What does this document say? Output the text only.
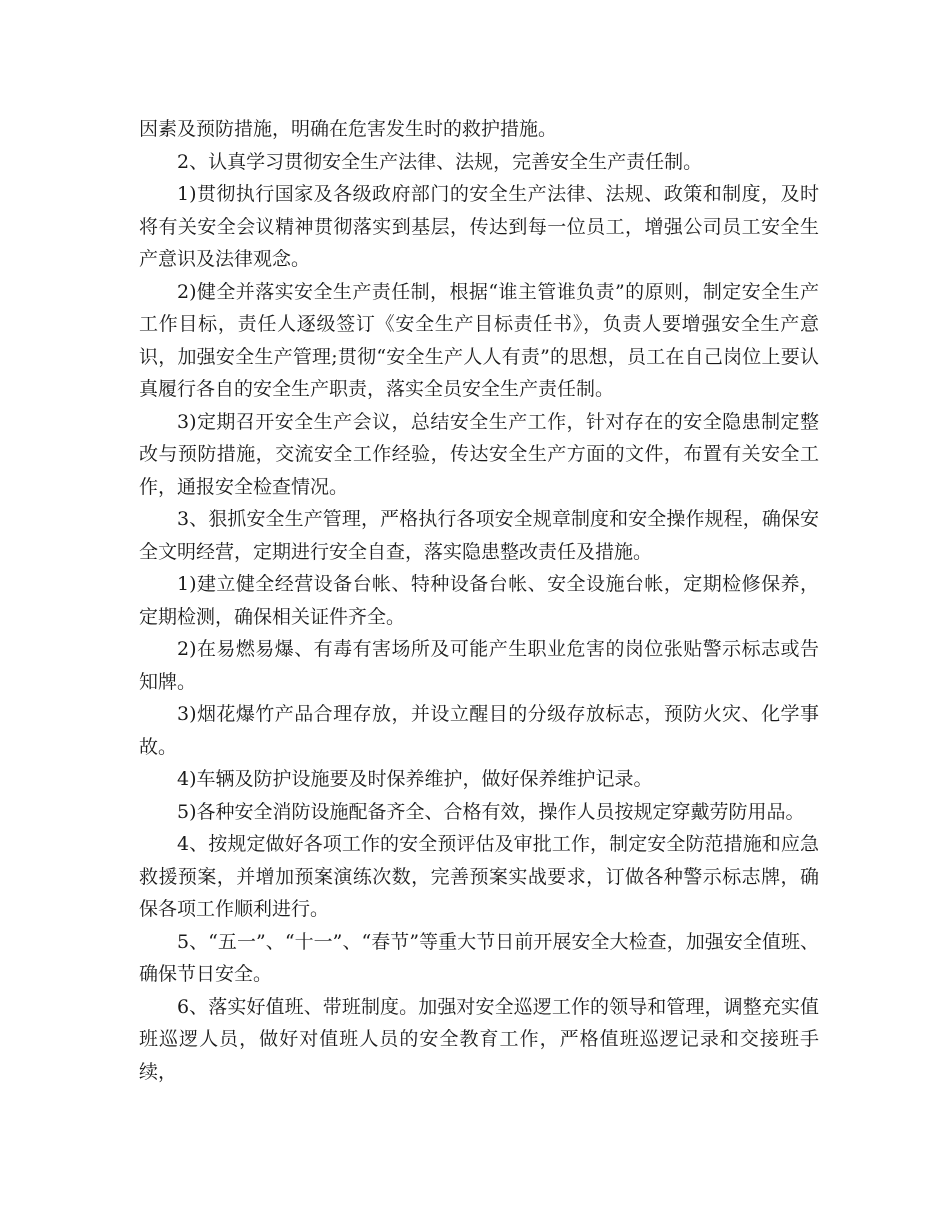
因素及预防措施，明确在危害发生时的救护措施。

2、认真学习贯彻安全生产法律、法规，完善安全生产责任制。

1)贯彻执行国家及各级政府部门的安全生产法律、法规、政策和制度，及时将有关安全会议精神贯彻落实到基层，传达到每一位员工，增强公司员工安全生产意识及法律观念。

2)健全并落实安全生产责任制，根据“谁主管谁负责”的原则，制定安全生产工作目标，责任人逐级签订《安全生产目标责任书》，负责人要增强安全生产意识，加强安全生产管理;贯彻“安全生产人人有责”的思想，员工在自己岗位上要认真履行各自的安全生产职责，落实全员安全生产责任制。

3)定期召开安全生产会议，总结安全生产工作，针对存在的安全隐患制定整改与预防措施，交流安全工作经验，传达安全生产方面的文件，布置有关安全工作，通报安全检查情况。

3、狠抓安全生产管理，严格执行各项安全规章制度和安全操作规程，确保安全文明经营，定期进行安全自查，落实隐患整改责任及措施。

1)建立健全经营设备台帐、特种设备台帐、安全设施台帐，定期检修保养，定期检测，确保相关证件齐全。

2)在易燃易爆、有毒有害场所及可能产生职业危害的岗位张贴警示标志或告知牌。

3)烟花爆竹产品合理存放，并设立醒目的分级存放标志，预防火灾、化学事故。

4)车辆及防护设施要及时保养维护，做好保养维护记录。

5)各种安全消防设施配备齐全、合格有效，操作人员按规定穿戴劳防用品。

4、按规定做好各项工作的安全预评估及审批工作，制定安全防范措施和应急救援预案，并增加预案演练次数，完善预案实战要求，订做各种警示标志牌，确保各项工作顺利进行。

5、“五一”、“十一”、“春节”等重大节日前开展安全大检查，加强安全值班、确保节日安全。

6、落实好值班、带班制度。加强对安全巡逻工作的领导和管理，调整充实值班巡逻人员，做好对值班人员的安全教育工作，严格值班巡逻记录和交接班手续，
